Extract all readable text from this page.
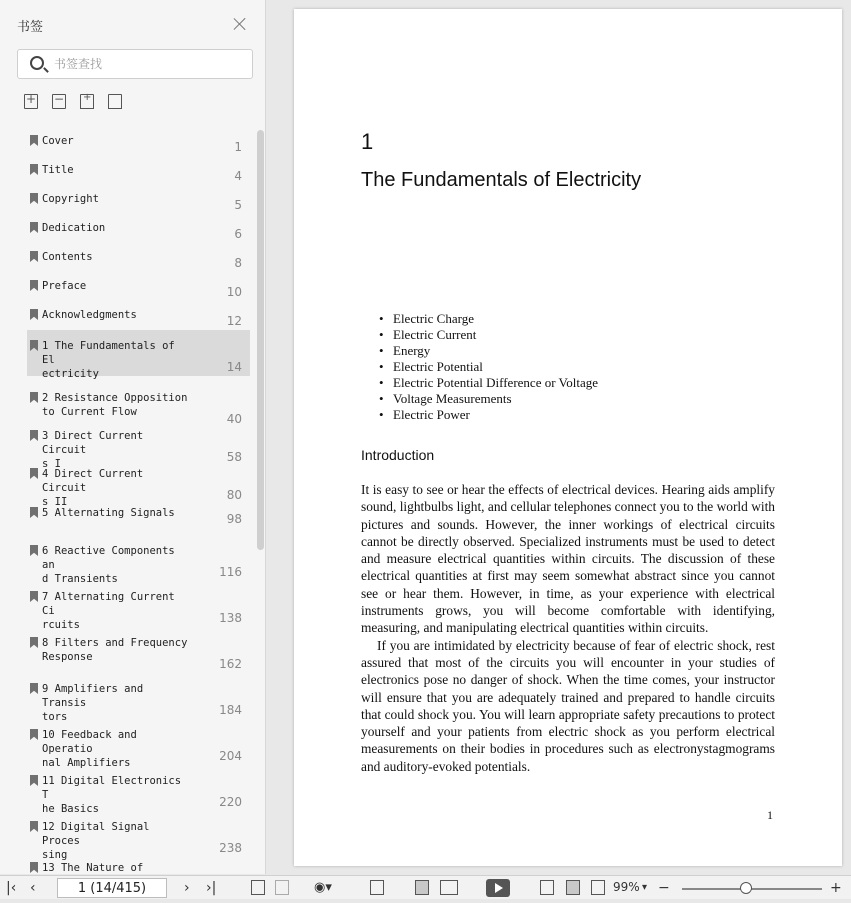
书签
书签查找
+
−
+
Cover	1
Title	4
Copyright	5
Dedication	6
Contents	8
Preface	10
Acknowledgments	12
1 The Fundamentals of El
ectricity	14
2 Resistance Opposition
to Current Flow	40
3 Direct Current Circuit
s I	58
4 Direct Current Circuit
s II	80
5 Alternating Signals	98
6 Reactive Components an
d Transients	116
7 Alternating Current Ci
rcuits	138
8 Filters and Frequency
Response	162
9 Amplifiers and Transis
tors	184
10 Feedback and Operatio
nal Amplifiers	204
11 Digital Electronics T
he Basics	220
12 Digital Signal Proces
sing	238
13 The Nature of
1
The Fundamentals of Electricity
• Electric Charge
• Electric Current
• Energy
• Electric Potential
• Electric Potential Difference or Voltage
• Voltage Measurements
• Electric Power
Introduction

It is easy to see or hear the effects of electrical devices. Hearing aids amplify sound, lightbulbs light, and cellular telephones connect you to the world with pictures and sounds. However, the inner workings of electrical circuits cannot be directly observed. Specialized instruments must be used to detect and measure electrical quantities within circuits. The discussion of these electrical quantities at first may seem somewhat abstract since you cannot see or hear them. However, in time, as your experience with electrical instruments grows, you will become comfortable with identifying, measuring, and manipulating electrical quantities within circuits.

If you are intimidated by electricity because of fear of electric shock, rest assured that most of the circuits you will encounter in your studies of electronics pose no danger of shock. When the time comes, your instructor will ensure that you are adequately trained and prepared to handle circuits that could shock you. You will learn appropriate safety precautions to protect yourself and your patients from electric shock as you perform electrical measurements on their bodies in procedures such as electronystagmograms and auditory-evoked potentials.

1
|‹ ‹
1 (14/415)	› ›|	◉▾	99% ▾ −	+
